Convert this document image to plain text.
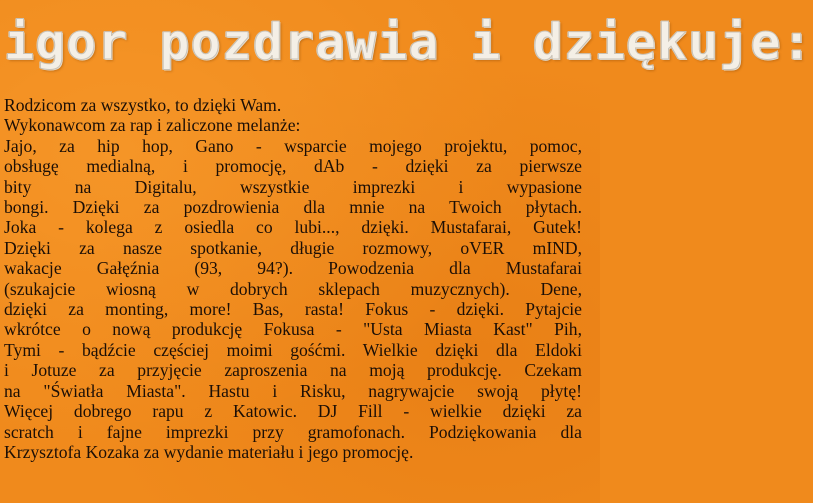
igor pozdrawia i dziękuje:
Rodzicom za wszystko, to dzięki Wam.
Wykonawcom za rap i zaliczone melanże:
Jajo, za hip hop, Gano - wsparcie mojego projektu, pomoc,
obsługę medialną, i promocję, dAb - dzięki za pierwsze
bity na Digitalu, wszystkie imprezki i wypasione
bongi. Dzięki za pozdrowienia dla mnie na Twoich płytach.
Joka - kolega z osiedla co lubi..., dzięki. Mustafarai, Gutek!
Dzięki za nasze spotkanie, długie rozmowy, oVER mIND,
wakacje Gałęźnia (93, 94?). Powodzenia dla Mustafarai
(szukajcie wiosną w dobrych sklepach muzycznych). Dene,
dzięki za monting, more! Bas, rasta! Fokus - dzięki. Pytajcie
wkrótce o nową produkcję Fokusa - "Usta Miasta Kast" Pih,
Tymi - bądźcie częściej moimi gośćmi. Wielkie dzięki dla Eldoki
i Jotuze za przyjęcie zaproszenia na moją produkcję. Czekam
na "Światła Miasta". Hastu i Risku, nagrywajcie swoją płytę!
Więcej dobrego rapu z Katowic. DJ Fill - wielkie dzięki za
scratch i fajne imprezki przy gramofonach. Podziękowania dla
Krzysztofa Kozaka za wydanie materiału i jego promocję.
